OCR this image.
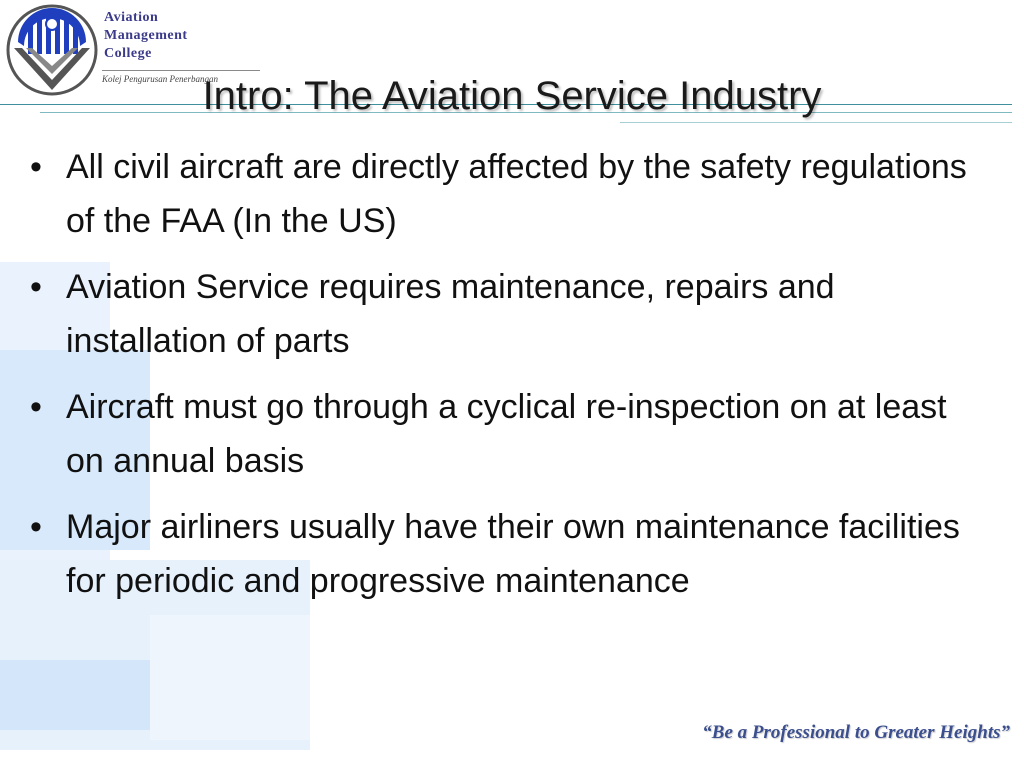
Aviation
Management
College
Kolej Pengurusan Penerbangan
Intro: The Aviation Service Industry
• All civil aircraft are directly affected by the safety regulations of the FAA (In the US)
• Aviation Service requires maintenance, repairs and installation of parts
• Aircraft must go through a cyclical re-inspection on at least on annual basis
• Major airliners usually have their own maintenance facilities for periodic and progressive maintenance
“Be a Professional to Greater Heights”
